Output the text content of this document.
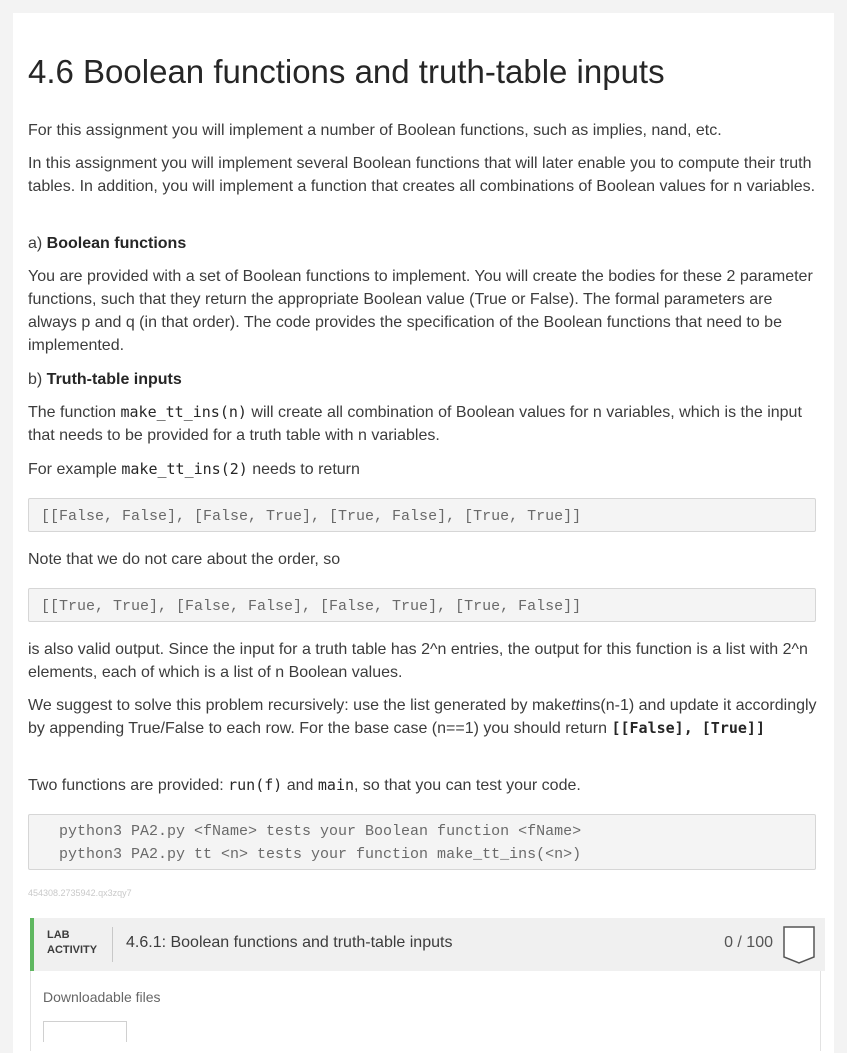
4.6 Boolean functions and truth-table inputs

For this assignment you will implement a number of Boolean functions, such as implies, nand, etc.

In this assignment you will implement several Boolean functions that will later enable you to compute their truth tables. In addition, you will implement a function that creates all combinations of Boolean values for n variables.

a) Boolean functions

You are provided with a set of Boolean functions to implement. You will create the bodies for these 2 parameter functions, such that they return the appropriate Boolean value (True or False). The formal parameters are always p and q (in that order). The code provides the specification of the Boolean functions that need to be implemented.

b) Truth-table inputs

The function make_tt_ins(n) will create all combination of Boolean values for n variables, which is the input that needs to be provided for a truth table with n variables.

For example make_tt_ins(2) needs to return

[[False, False], [False, True], [True, False], [True, True]]

Note that we do not care about the order, so

[[True, True], [False, False], [False, True], [True, False]]

is also valid output. Since the input for a truth table has 2^n entries, the output for this function is a list with 2^n elements, each of which is a list of n Boolean values.

We suggest to solve this problem recursively: use the list generated by makettins(n-1) and update it accordingly by appending True/False to each row. For the base case (n==1) you should return [[False], [True]]

Two functions are provided: run(f) and main, so that you can test your code.

python3 PA2.py <fName> tests your Boolean function <fName>
python3 PA2.py tt <n> tests your function make_tt_ins(<n>)
454308.2735942.qx3zqy7
LAB
ACTIVITY	4.6.1: Boolean functions and truth-table inputs	0 / 100
Downloadable files
